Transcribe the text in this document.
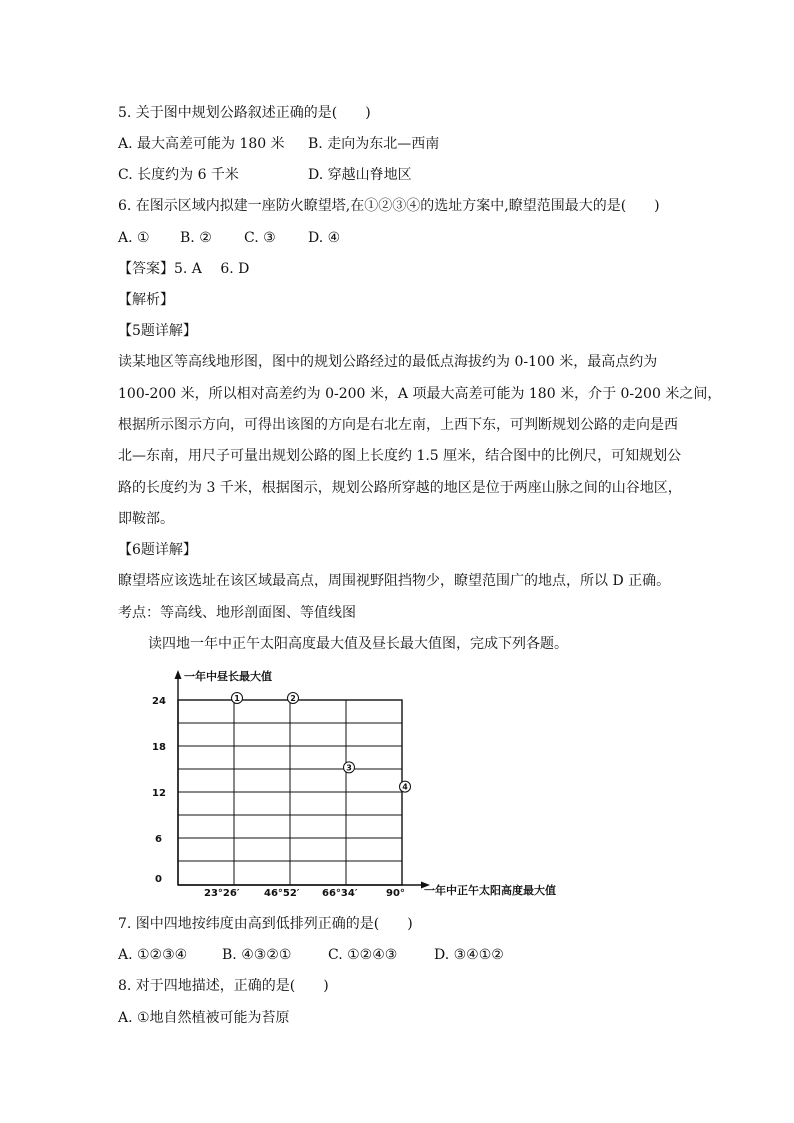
5. 关于图中规划公路叙述正确的是(　　)
A. 最大高差可能为 180 米 B. 走向为东北—西南
C. 长度约为 6 千米	D. 穿越山脊地区
6. 在图示区域内拟建一座防火瞭望塔,在①②③④的选址方案中,瞭望范围最大的是(　　)
A. ① B. ② C. ③ D. ④
【答案】5. A　 6. D
【解析】
【5题详解】
读某地区等高线地形图，图中的规划公路经过的最低点海拔约为 0-100 米，最高点约为
100-200 米，所以相对高差约为 0-200 米，A 项最大高差可能为 180 米，介于 0-200 米之间，
根据所示图示方向，可得出该图的方向是右北左南，上西下东，可判断规划公路的走向是西
北—东南，用尺子可量出规划公路的图上长度约 1.5 厘米，结合图中的比例尺，可知规划公
路的长度约为 3 千米，根据图示，规划公路所穿越的地区是位于两座山脉之间的山谷地区，
即鞍部。
【6题详解】
瞭望塔应该选址在该区域最高点，周围视野阻挡物少，瞭望范围广的地点，所以 D 正确。
考点：等高线、地形剖面图、等值线图
读四地一年中正午太阳高度最大值及昼长最大值图，完成下列各题。
一年中昼长最大值
一年中正午太阳高度最大值
24
18
12
6
0
23°26′ 46°52′ 66°34′	90°
1	2
3
4
7. 图中四地按纬度由高到低排列正确的是(　　)
A. ①②③④ B. ④③②①	C. ①②④③	D. ③④①②
8. 对于四地描述，正确的是(　　)
A. ①地自然植被可能为苔原
